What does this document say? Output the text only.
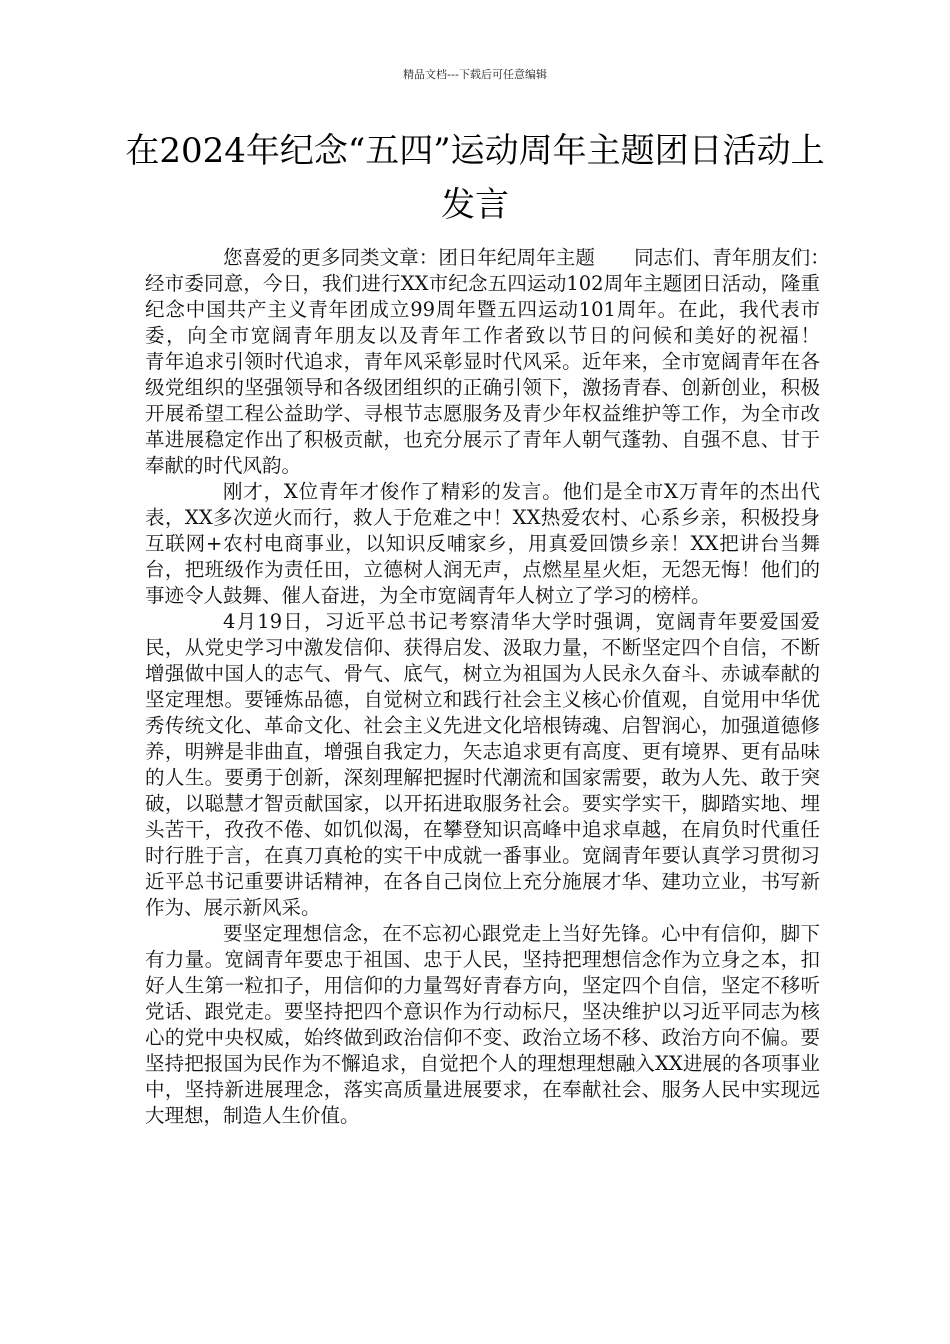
精品文档---下载后可任意编辑
在2024年纪念“五四”运动周年主题团日活动上发言

您喜爱的更多同类文章：团日年纪周年主题　　同志们、青年朋友们：　　经市委同意，今日，我们进行XX市纪念五四运动102周年主题团日活动，隆重纪念中国共产主义青年团成立99周年暨五四运动101周年。在此，我代表市委，向全市宽阔青年朋友以及青年工作者致以节日的问候和美好的祝福！　　青年追求引领时代追求，青年风采彰显时代风采。近年来，全市宽阔青年在各级党组织的坚强领导和各级团组织的正确引领下，激扬青春、创新创业，积极开展希望工程公益助学、寻根节志愿服务及青少年权益维护等工作，为全市改革进展稳定作出了积极贡献，也充分展示了青年人朝气蓬勃、自强不息、甘于奉献的时代风韵。

刚才，X位青年才俊作了精彩的发言。他们是全市X万青年的杰出代表，XX多次逆火而行，救人于危难之中！XX热爱农村、心系乡亲，积极投身互联网+农村电商事业，以知识反哺家乡，用真爱回馈乡亲！XX把讲台当舞台，把班级作为责任田，立德树人润无声，点燃星星火炬，无怨无悔！他们的事迹令人鼓舞、催人奋进，为全市宽阔青年人树立了学习的榜样。

4月19日，习近平总书记考察清华大学时强调，宽阔青年要爱国爱民，从党史学习中激发信仰、获得启发、汲取力量，不断坚定四个自信，不断增强做中国人的志气、骨气、底气，树立为祖国为人民永久奋斗、赤诚奉献的坚定理想。要锤炼品德，自觉树立和践行社会主义核心价值观，自觉用中华优秀传统文化、革命文化、社会主义先进文化培根铸魂、启智润心，加强道德修养，明辨是非曲直，增强自我定力，矢志追求更有高度、更有境界、更有品味的人生。要勇于创新，深刻理解把握时代潮流和国家需要，敢为人先、敢于突破，以聪慧才智贡献国家，以开拓进取服务社会。要实学实干，脚踏实地、埋头苦干，孜孜不倦、如饥似渴，在攀登知识高峰中追求卓越，在肩负时代重任时行胜于言，在真刀真枪的实干中成就一番事业。宽阔青年要认真学习贯彻习近平总书记重要讲话精神，在各自己岗位上充分施展才华、建功立业，书写新作为、展示新风采。

要坚定理想信念，在不忘初心跟党走上当好先锋。心中有信仰，脚下有力量。宽阔青年要忠于祖国、忠于人民，坚持把理想信念作为立身之本，扣好人生第一粒扣子，用信仰的力量驾好青春方向，坚定四个自信，坚定不移听党话、跟党走。要坚持把四个意识作为行动标尺，坚决维护以习近平同志为核心的党中央权威，始终做到政治信仰不变、政治立场不移、政治方向不偏。要坚持把报国为民作为不懈追求，自觉把个人的理想理想融入XX进展的各项事业中，坚持新进展理念，落实高质量进展要求，在奉献社会、服务人民中实现远大理想，制造人生价值。
